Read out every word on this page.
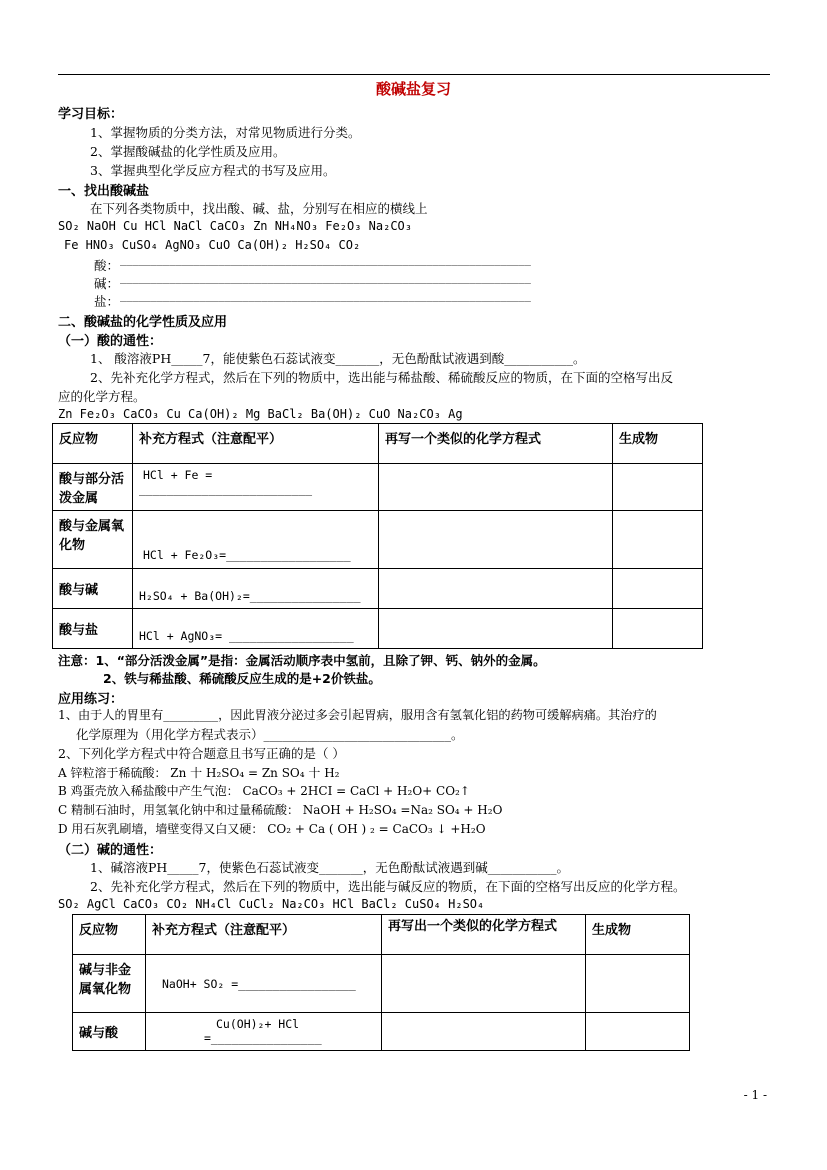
酸碱盐复习
学习目标：
1、掌握物质的分类方法，对常见物质进行分类。
2、掌握酸碱盐的化学性质及应用。
3、掌握典型化学反应方程式的书写及应用。
一、找出酸碱盐
在下列各类物质中，找出酸、碱、盐，分别写在相应的横线上
SO₂ NaOH Cu HCl NaCl CaCO₃ Zn NH₄NO₃ Fe₂O₃ Na₂CO₃
Fe HNO₃ CuSO₄ AgNO₃ CuO Ca(OH)₂ H₂SO₄ CO₂
酸： ___________________________________________________________________
碱： ___________________________________________________________________
盐： ___________________________________________________________________
二、酸碱盐的化学性质及应用
（一）酸的通性：
1、 酸溶液PH_____7，能使紫色石蕊试液变_______，无色酚酞试液遇到酸___________。
2、先补充化学方程式，然后在下列的物质中，选出能与稀盐酸、稀硫酸反应的物质，在下面的空格写出反
应的化学方程。
Zn Fe₂O₃ CaCO₃ Cu Ca(OH)₂ Mg BaCl₂ Ba(OH)₂ CuO Na₂CO₃ Ag
反应物	补充方程式（注意配平）	再写一个类似的化学方程式	生成物
酸与部分活泼金属	HCl + Fe =
_________________________		

酸与金属氧化物	HCl + Fe₂O₃=__________________		

酸与碱	H₂SO₄ + Ba(OH)₂=________________		

酸与盐	HCl + AgNO₃= __________________		

注意：1、“部分活泼金属”是指：金属活动顺序表中氢前，且除了钾、钙、钠外的金属。
2、铁与稀盐酸、稀硫酸反应生成的是+2价铁盐。
应用练习：
1、由于人的胃里有_________，因此胃液分泌过多会引起胃病，服用含有氢氧化铝的药物可缓解病痛。其治疗的
化学原理为（用化学方程式表示）______________________________。
2、下列化学方程式中符合题意且书写正确的是（ ）
A 锌粒溶于稀硫酸： Zn 十 H₂SO₄ = Zn SO₄ 十 H₂
B 鸡蛋壳放入稀盐酸中产生气泡： CaCO₃ + 2HCI = CaCl + H₂O+ CO₂↑
C 精制石油时，用氢氧化钠中和过量稀硫酸： NaOH + H₂SO₄ =Na₂ SO₄ + H₂O
D 用石灰乳刷墙，墙壁变得又白又硬： CO₂ + Ca ( OH ) ₂ = CaCO₃ ↓ +H₂O
（二）碱的通性：
1、碱溶液PH_____7，使紫色石蕊试液变_______，无色酚酞试液遇到碱___________。
2、先补充化学方程式，然后在下列的物质中，选出能与碱反应的物质，在下面的空格写出反应的化学方程。
SO₂ AgCl CaCO₃ CO₂ NH₄Cl CuCl₂ Na₂CO₃ HCl BaCl₂ CuSO₄ H₂SO₄
反应物	补充方程式（注意配平）	再写出一个类似的化学方程式	生成物
碱与非金属氧化物	NaOH+ SO₂ =_________________		

碱与酸	Cu(OH)₂+ HCl
=________________		

- 1 -
